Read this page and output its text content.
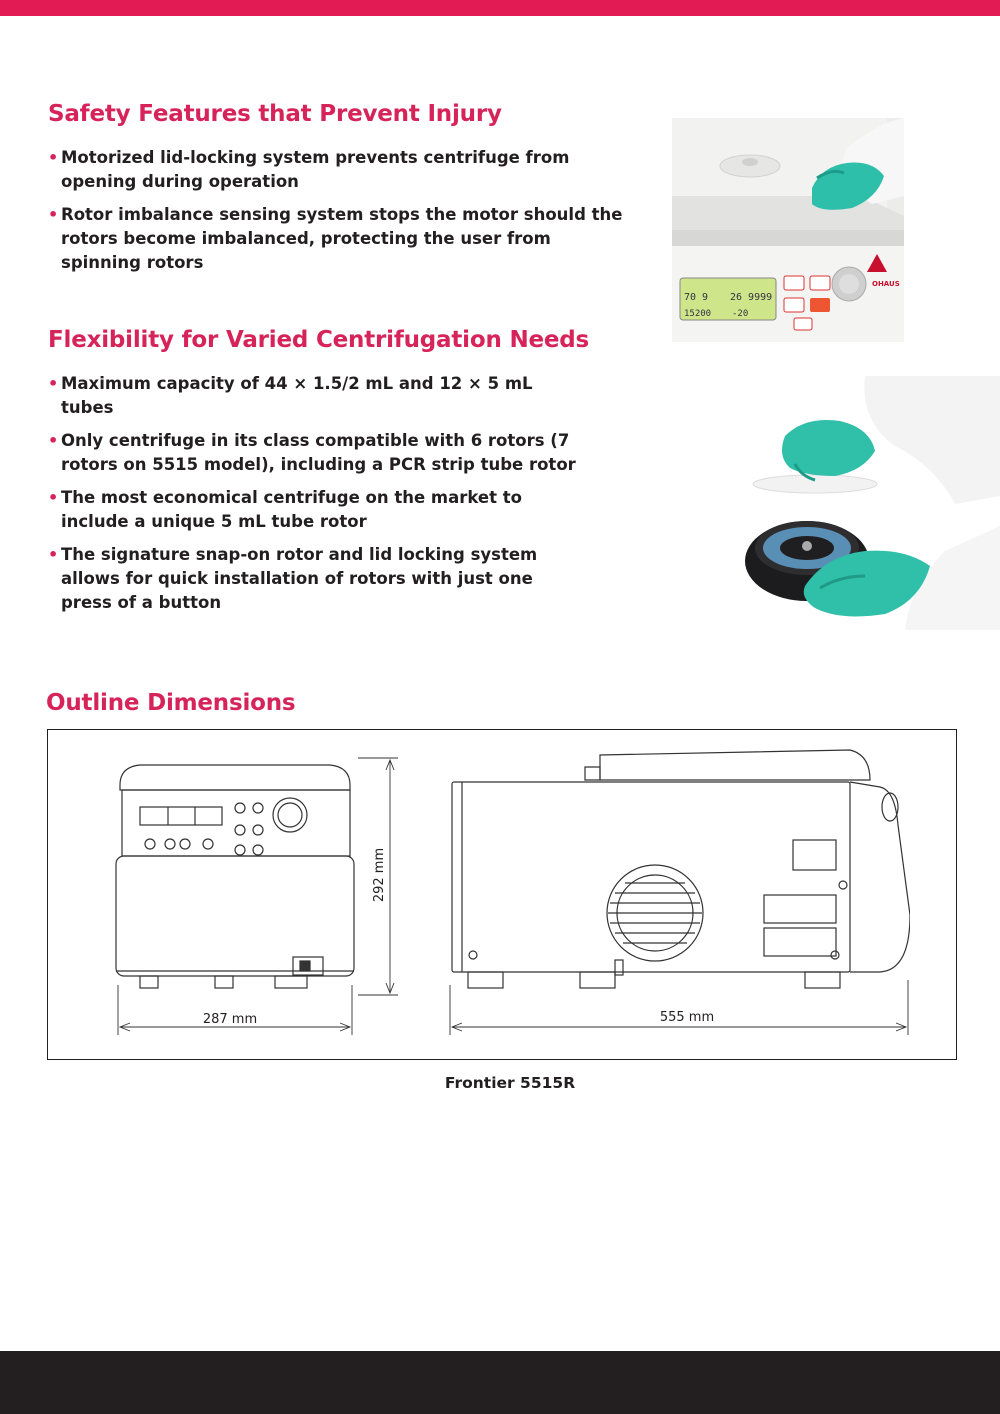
Safety Features that Prevent Injury
• Motorized lid-locking system prevents centrifuge from opening during operation
• Rotor imbalance sensing system stops the motor should the rotors become imbalanced, protecting the user from spinning rotors
Flexibility for Varied Centrifugation Needs
• Maximum capacity of 44 × 1.5/2 mL and 12 × 5 mL tubes
• Only centrifuge in its class compatible with 6 rotors (7 rotors on 5515 model), including a PCR strip tube rotor
• The most economical centrifuge on the market to include a unique 5 mL tube rotor
• The signature snap-on rotor and lid locking system allows for quick installation of rotors with just one press of a button
70 9 26 9999
15200 -20
OHAUS
Outline Dimensions
292 mm
287 mm	555 mm
Frontier 5515R
